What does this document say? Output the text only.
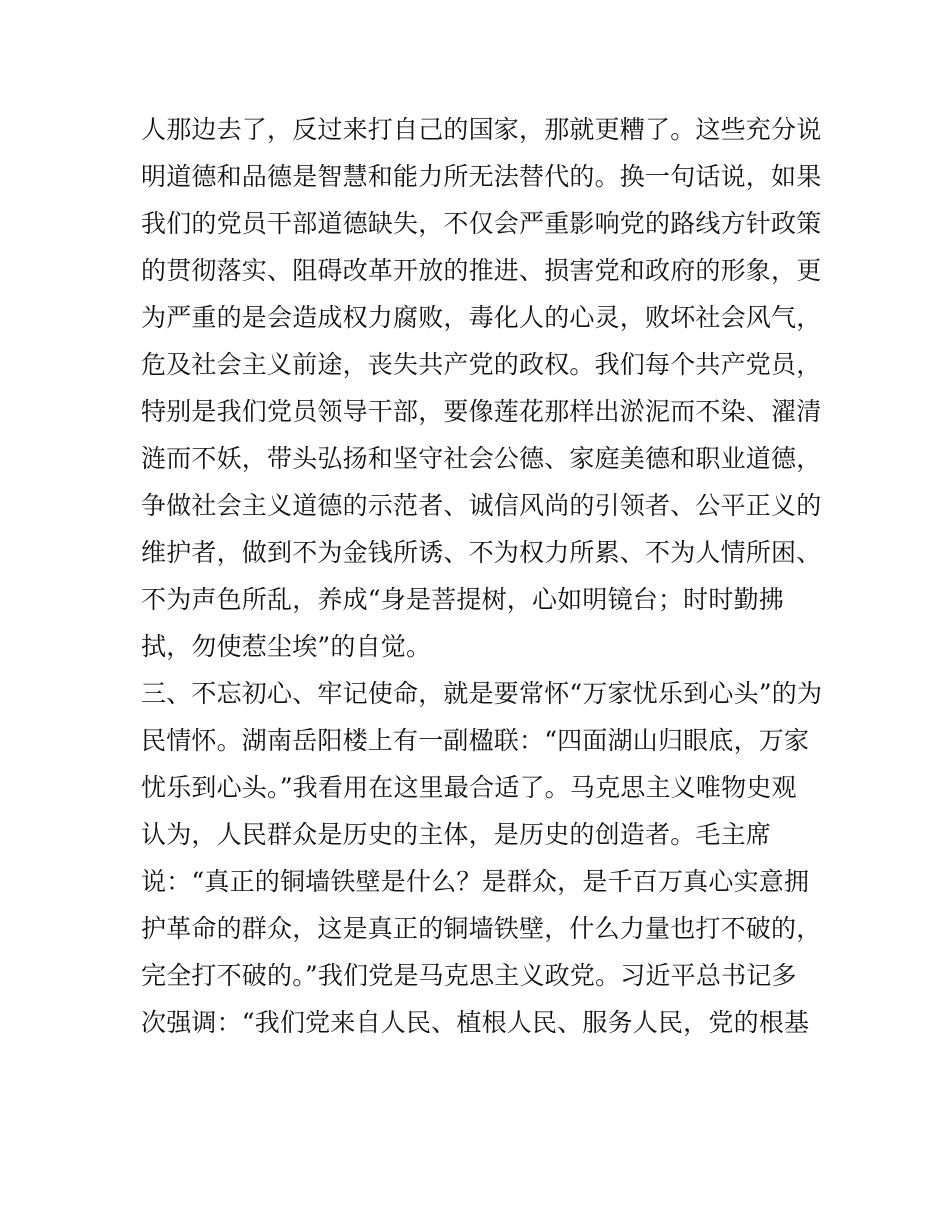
人那边去了，反过来打自己的国家，那就更糟了。这些充分说
明道德和品德是智慧和能力所无法替代的。换一句话说，如果
我们的党员干部道德缺失，不仅会严重影响党的路线方针政策
的贯彻落实、阻碍改革开放的推进、损害党和政府的形象，更
为严重的是会造成权力腐败，毒化人的心灵，败坏社会风气，
危及社会主义前途，丧失共产党的政权。我们每个共产党员，
特别是我们党员领导干部，要像莲花那样出淤泥而不染、濯清
涟而不妖，带头弘扬和坚守社会公德、家庭美德和职业道德，
争做社会主义道德的示范者、诚信风尚的引领者、公平正义的
维护者，做到不为金钱所诱、不为权力所累、不为人情所困、
不为声色所乱，养成“身是菩提树，心如明镜台；时时勤拂
拭，勿使惹尘埃”的自觉。
三、不忘初心、牢记使命，就是要常怀“万家忧乐到心头”的为
民情怀。湖南岳阳楼上有一副楹联：“四面湖山归眼底，万家
忧乐到心头。”我看用在这里最合适了。马克思主义唯物史观
认为，人民群众是历史的主体，是历史的创造者。毛主席
说：“真正的铜墙铁壁是什么？是群众，是千百万真心实意拥
护革命的群众，这是真正的铜墙铁壁，什么力量也打不破的，
完全打不破的。”我们党是马克思主义政党。习近平总书记多
次强调：“我们党来自人民、植根人民、服务人民，党的根基
